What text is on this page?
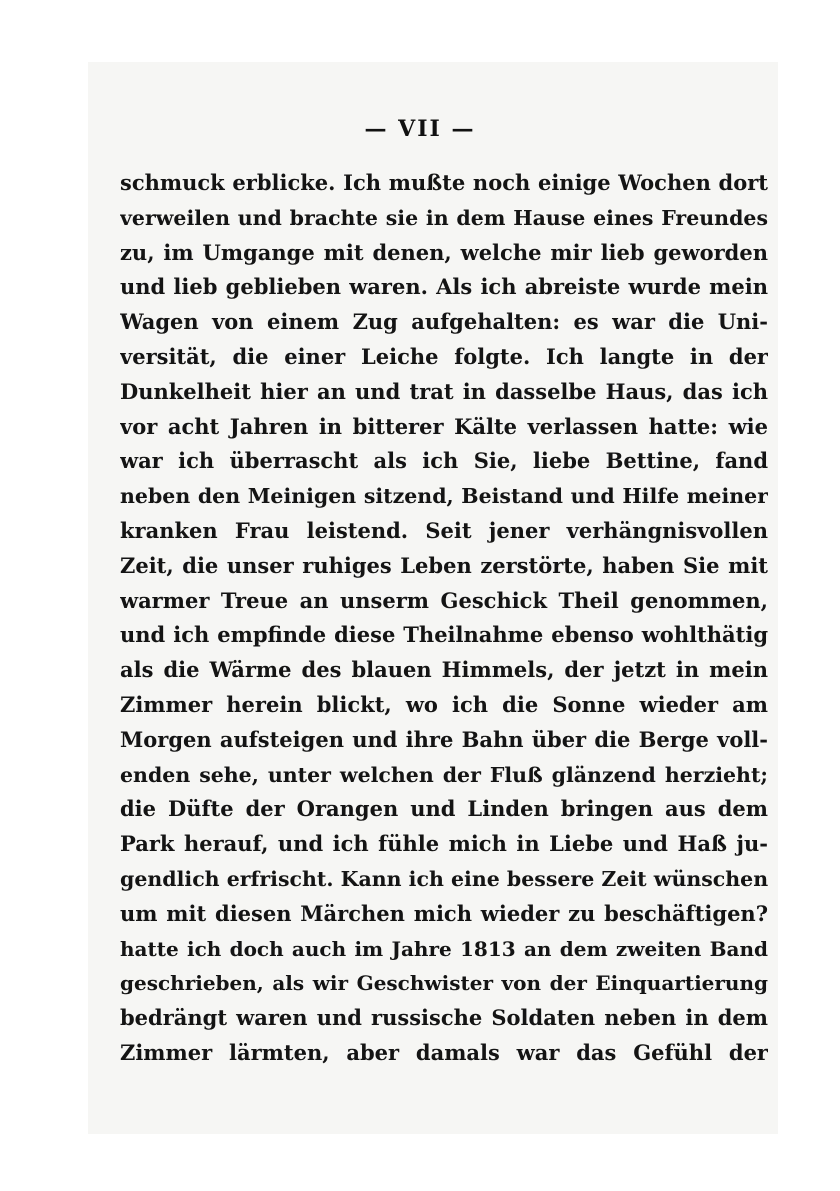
— VII —
schmuck erblicke. Ich mußte noch einige Wochen dort
verweilen und brachte sie in dem Hause eines Freundes
zu, im Umgange mit denen, welche mir lieb geworden
und lieb geblieben waren. Als ich abreiste wurde mein
Wagen von einem Zug aufgehalten: es war die Uni-
versität, die einer Leiche folgte. Ich langte in der
Dunkelheit hier an und trat in dasselbe Haus, das ich
vor acht Jahren in bitterer Kälte verlassen hatte: wie
war ich überrascht als ich Sie, liebe Bettine, fand
neben den Meinigen sitzend, Beistand und Hilfe meiner
kranken Frau leistend. Seit jener verhängnisvollen
Zeit, die unser ruhiges Leben zerstörte, haben Sie mit
warmer Treue an unserm Geschick Theil genommen,
und ich empfinde diese Theilnahme ebenso wohlthätig
als die Wärme des blauen Himmels, der jetzt in mein
Zimmer herein blickt, wo ich die Sonne wieder am
Morgen aufsteigen und ihre Bahn über die Berge voll-
enden sehe, unter welchen der Fluß glänzend herzieht;
die Düfte der Orangen und Linden bringen aus dem
Park herauf, und ich fühle mich in Liebe und Haß ju-
gendlich erfrischt. Kann ich eine bessere Zeit wünschen
um mit diesen Märchen mich wieder zu beschäftigen?
hatte ich doch auch im Jahre 1813 an dem zweiten Band
geschrieben, als wir Geschwister von der Einquartierung
bedrängt waren und russische Soldaten neben in dem
Zimmer lärmten, aber damals war das Gefühl der
